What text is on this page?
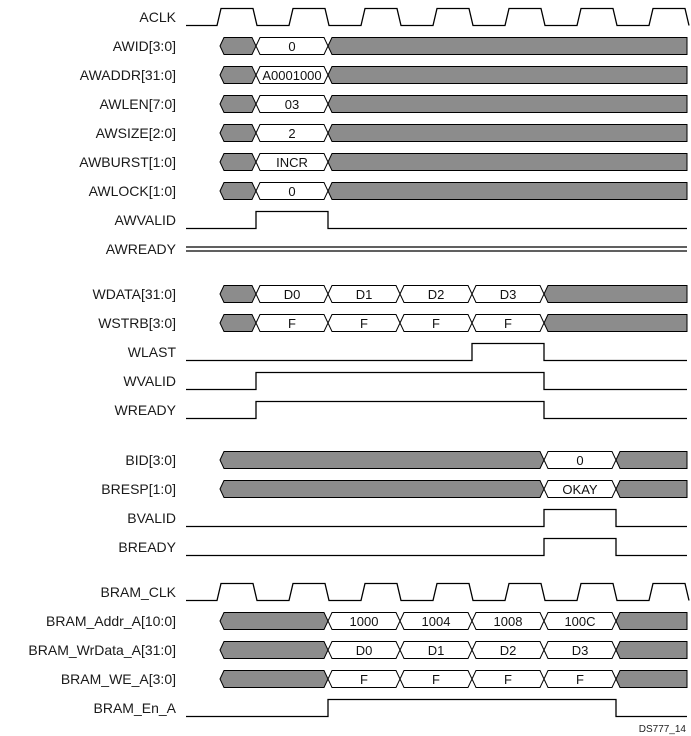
ACLK
AWID[3:0]	0
AWADDR[31:0]	A0001000
AWLEN[7:0]	03
AWSIZE[2:0]	2
AWBURST[1:0]	INCR
AWLOCK[1:0]	0
AWVALID
AWREADY
WDATA[31:0]	D0	D1	D2	D3
WSTRB[3:0]	F	F	F	F
WLAST
WVALID
WREADY
BID[3:0]	0
BRESP[1:0]	OKAY
BVALID
BREADY
BRAM_CLK
BRAM_Addr_A[10:0]	1000	1004	1008	100C
BRAM_WrData_A[31:0]	D0	D1	D2	D3
BRAM_WE_A[3:0]	F	F	F	F
BRAM_En_A
DS777_14
